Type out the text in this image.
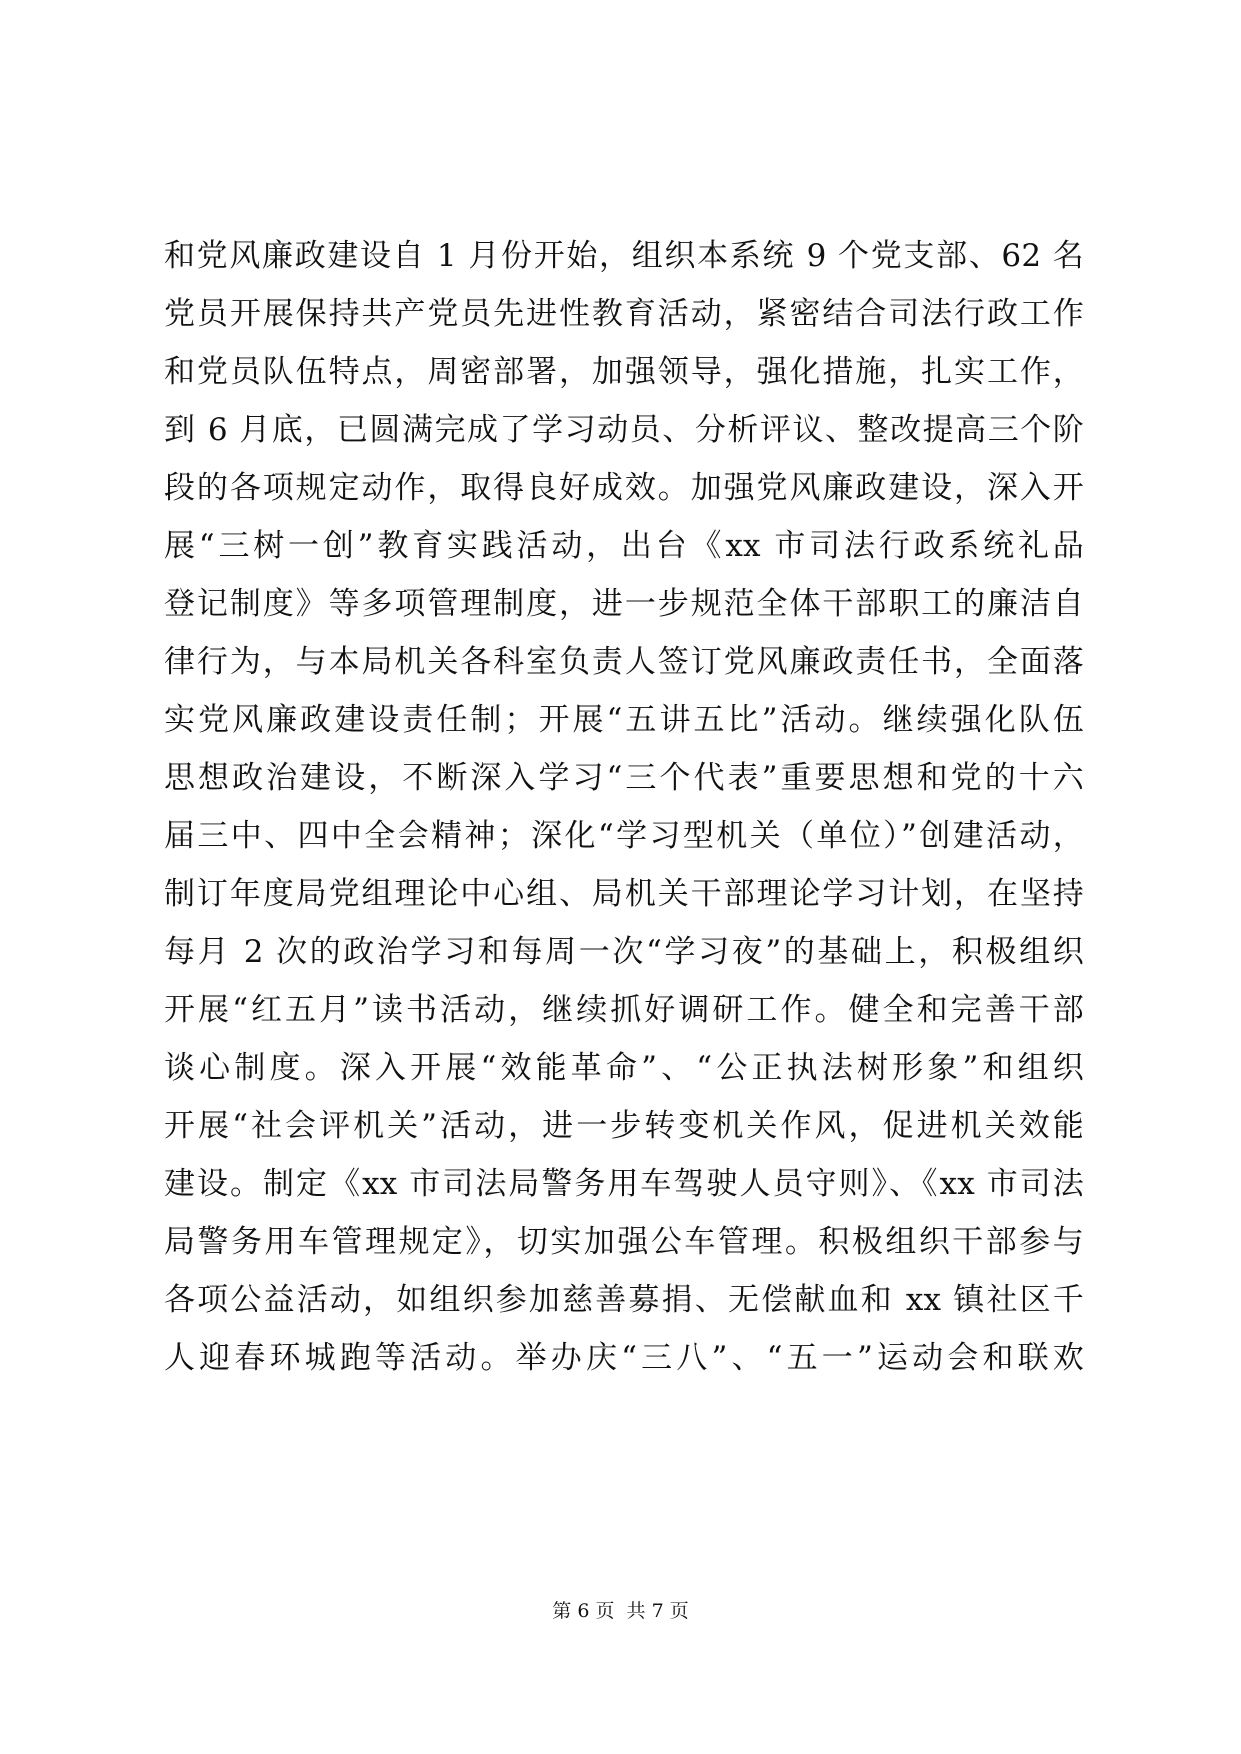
和党风廉政建设自 1 月份开始，组织本系统 9 个党支部、62 名
党员开展保持共产党员先进性教育活动，紧密结合司法行政工作
和党员队伍特点，周密部署，加强领导，强化措施，扎实工作，
到 6 月底，已圆满完成了学习动员、分析评议、整改提高三个阶
段的各项规定动作，取得良好成效。加强党风廉政建设，深入开
展“三树一创”教育实践活动，出台《xx 市司法行政系统礼品
登记制度》等多项管理制度，进一步规范全体干部职工的廉洁自
律行为，与本局机关各科室负责人签订党风廉政责任书，全面落
实党风廉政建设责任制；开展“五讲五比”活动。继续强化队伍
思想政治建设，不断深入学习“三个代表”重要思想和党的十六
届三中、四中全会精神；深化“学习型机关（单位）”创建活动，
制订年度局党组理论中心组、局机关干部理论学习计划，在坚持
每月 2 次的政治学习和每周一次“学习夜”的基础上，积极组织
开展“红五月”读书活动，继续抓好调研工作。健全和完善干部
谈心制度。深入开展“效能革命”、“公正执法树形象”和组织
开展“社会评机关”活动，进一步转变机关作风，促进机关效能
建设。制定《xx 市司法局警务用车驾驶人员守则》、《xx 市司法
局警务用车管理规定》，切实加强公车管理。积极组织干部参与
各项公益活动，如组织参加慈善募捐、无偿献血和 xx 镇社区千
人迎春环城跑等活动。举办庆“三八”、“五一”运动会和联欢
第 6 页  共 7 页
